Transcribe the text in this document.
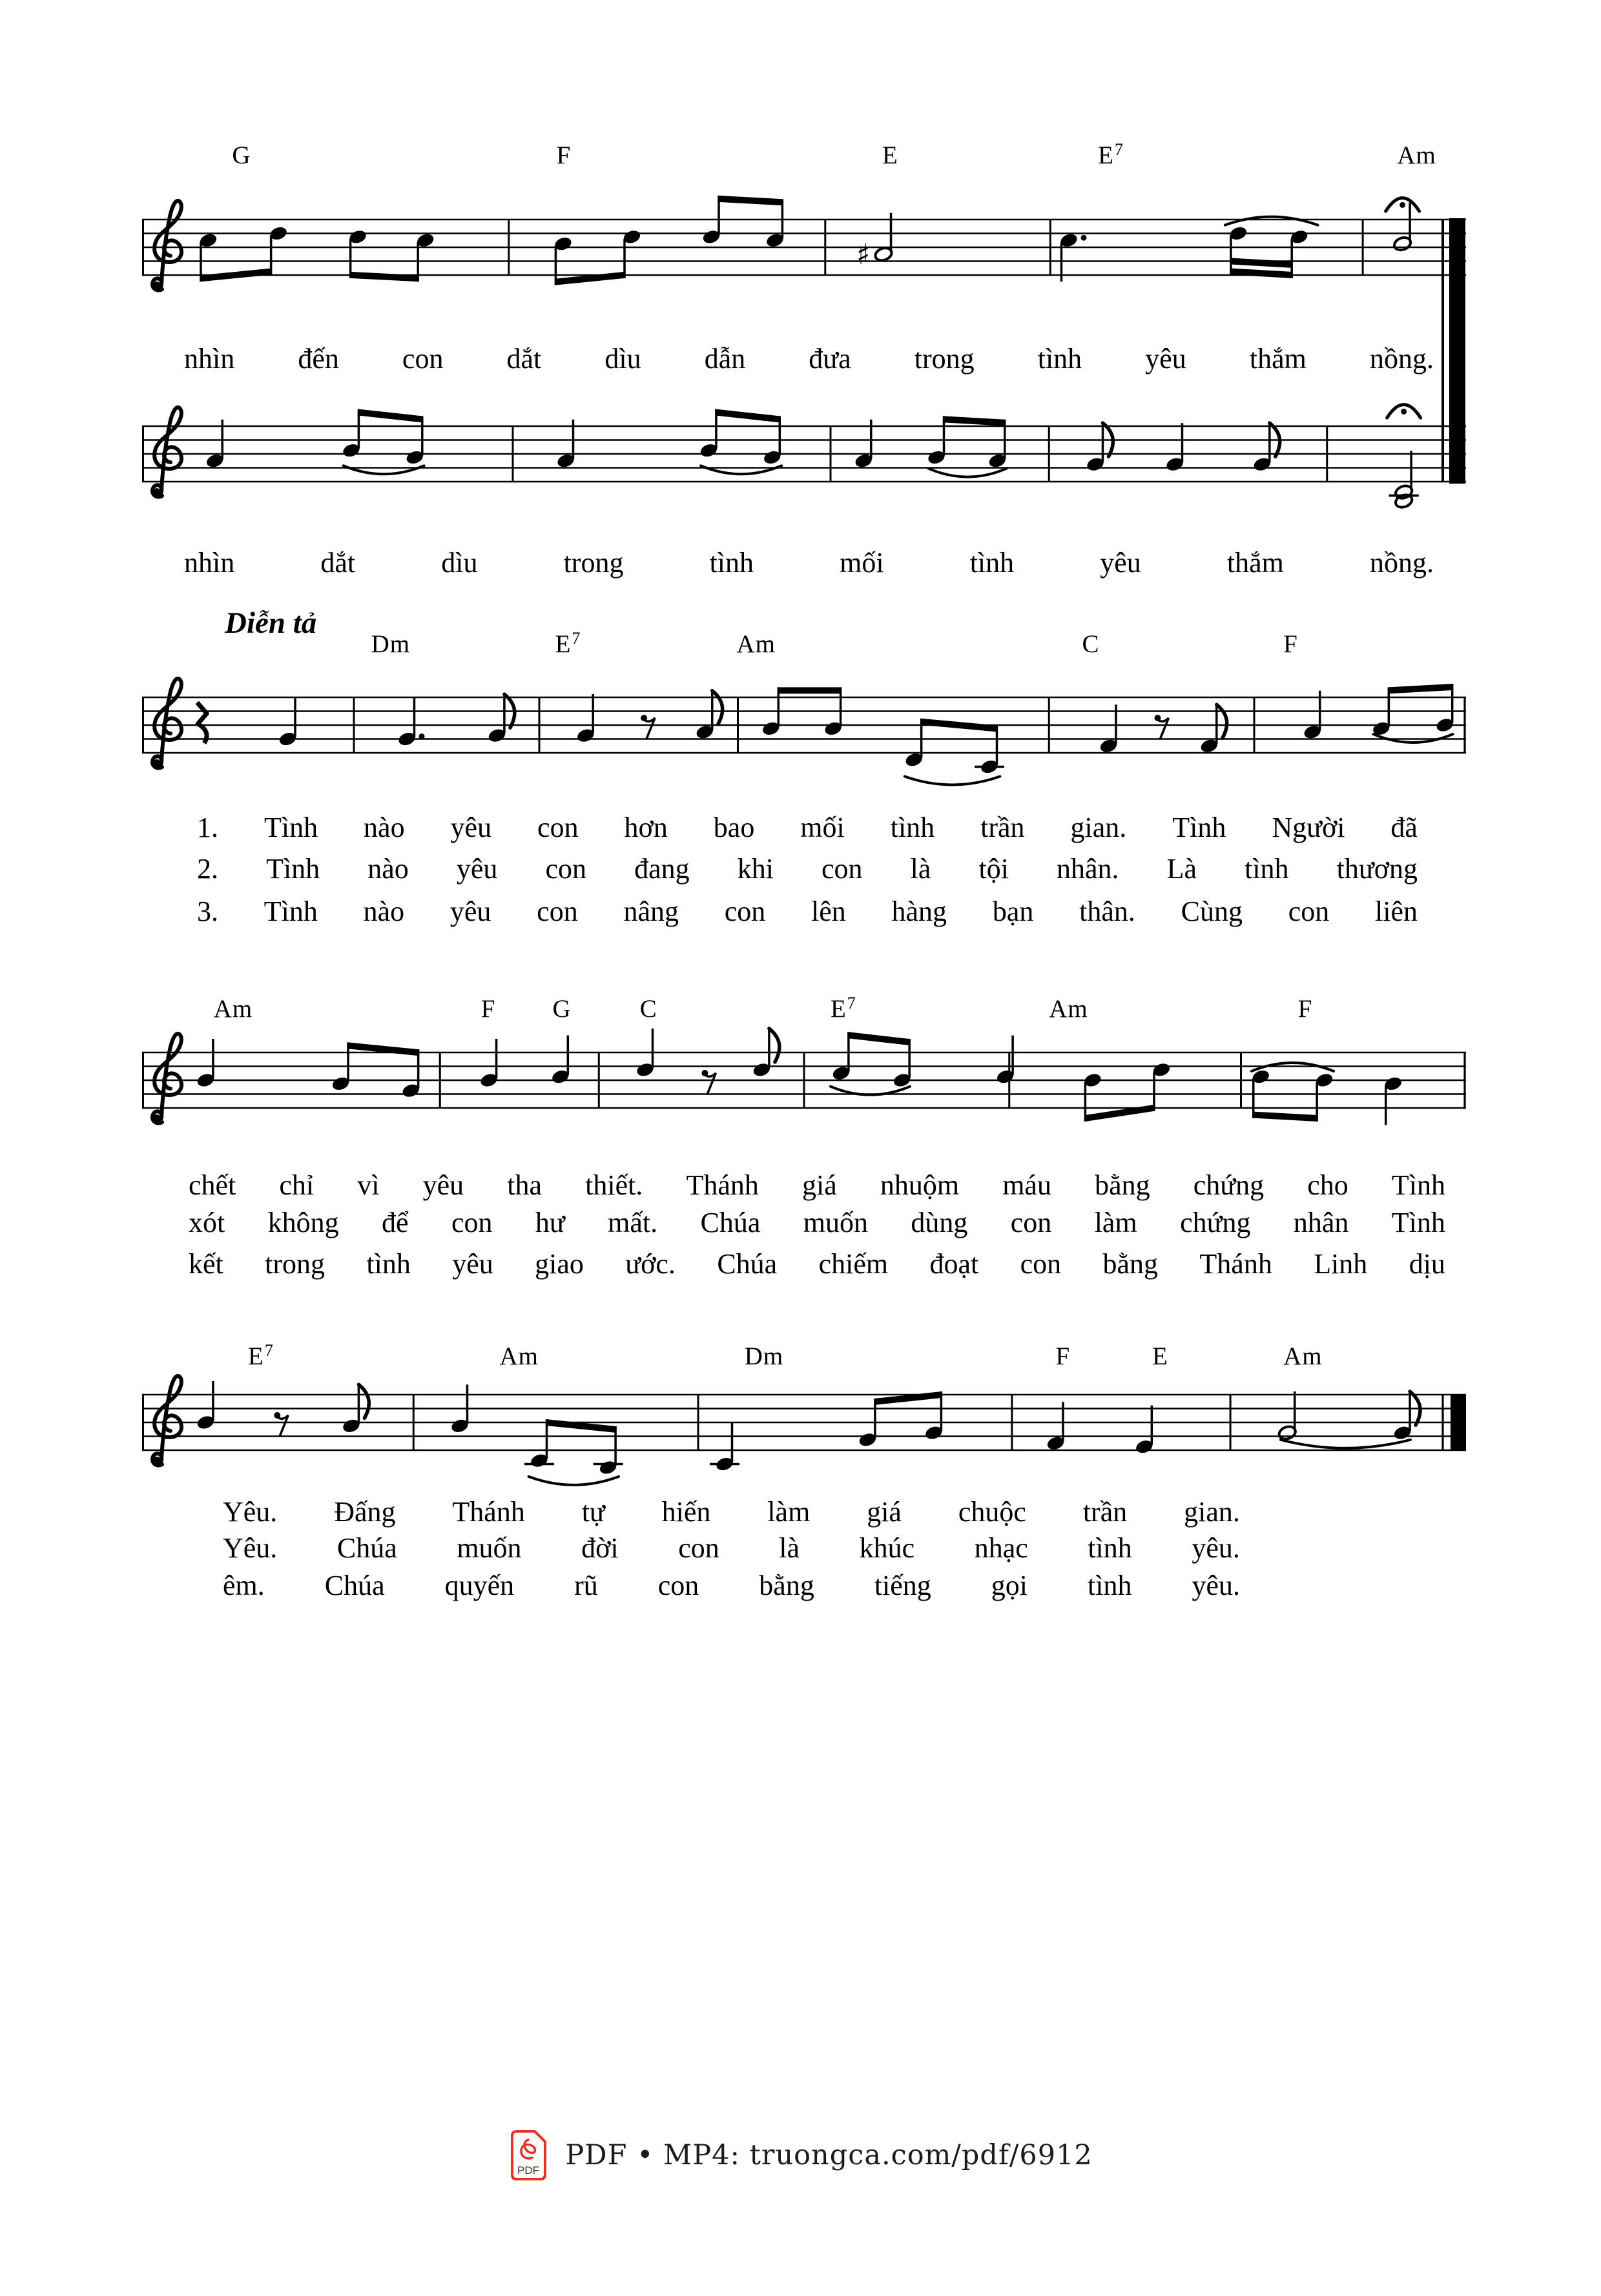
Diễn tả
PDF PDF • MP4: truongca.com/pdf/6912
♯
G	F	E	$E^7$	Am
nhìn đến con dắt dìu dẫn đưa trong tình yêu thắm nồng.
nhìn	dắt	dìu	trong	tình	mối	tình	yêu	thắm	nồng.
Dm	$E^7$	Am	C	F
1. Tình nào yêu con hơn bao mối tình trần gian. Tình Người đã
2. Tình nào yêu con đang khi con là tội nhân. Là tình thương
3. Tình nào yêu con nâng con lên hàng bạn thân. Cùng con liên
Am	F G	C	$E^7$	Am	F
chết chỉ vì yêu tha thiết. Thánh giá nhuộm máu bằng chứng cho Tình
xót không để con hư mất. Chúa muốn dùng con làm chứng nhân Tình
kết trong tình yêu giao ước. Chúa chiếm đoạt con bằng Thánh Linh dịu
$E^7$	Am	Dm	F	E	Am
Yêu. Đấng Thánh tự hiến làm giá chuộc trần gian.
Yêu. Chúa muốn đời con là khúc nhạc tình yêu.
êm. Chúa quyến rũ con bằng tiếng gọi tình yêu.
